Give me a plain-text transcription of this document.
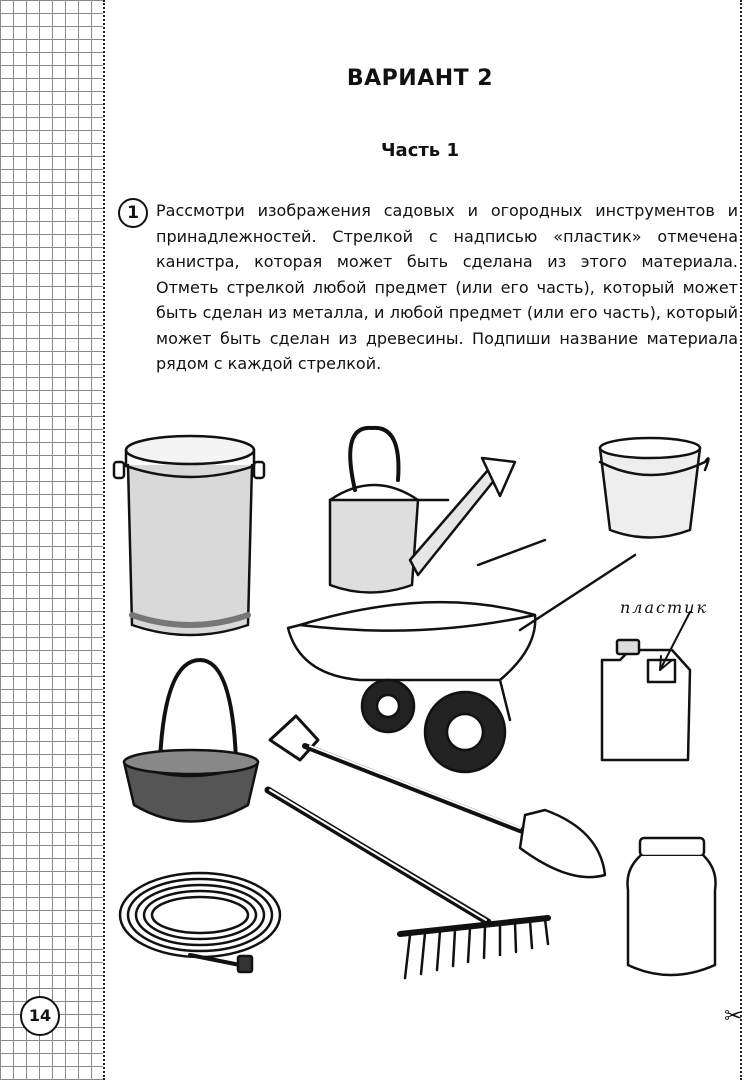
ВАРИАНТ 2
Часть 1
1	Рассмотри изображения садовых и огородных инструментов и принадлежностей. Стрелкой с надписью «пластик» отмечена канистра, которая может быть сделана из этого материала. Отметь стрелкой любой предмет (или его часть), который может быть сделан из металла, и любой предмет (или его часть), который может быть сделан из древесины. Подпиши название материала рядом с каждой стрелкой.
пластик
14	✂
